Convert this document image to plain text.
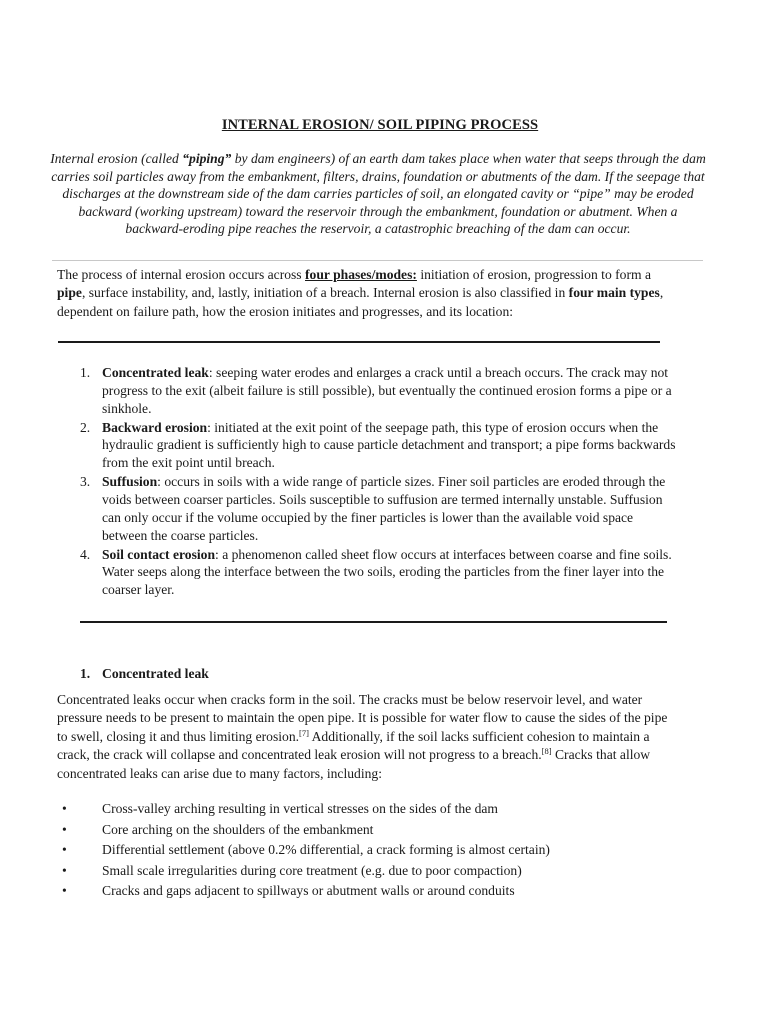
INTERNAL EROSION/ SOIL PIPING PROCESS
Internal erosion (called “piping” by dam engineers) of an earth dam takes place when water that seeps through the dam carries soil particles away from the embankment, filters, drains, foundation or abutments of the dam. If the seepage that discharges at the downstream side of the dam carries particles of soil, an elongated cavity or “pipe” may be eroded backward (working upstream) toward the reservoir through the embankment, foundation or abutment. When a backward-eroding pipe reaches the reservoir, a catastrophic breaching of the dam can occur.
The process of internal erosion occurs across four phases/modes: initiation of erosion, progression to form a pipe, surface instability, and, lastly, initiation of a breach. Internal erosion is also classified in four main types, dependent on failure path, how the erosion initiates and progresses, and its location:
1. Concentrated leak: seeping water erodes and enlarges a crack until a breach occurs. The crack may not progress to the exit (albeit failure is still possible), but eventually the continued erosion forms a pipe or a sinkhole.
2. Backward erosion: initiated at the exit point of the seepage path, this type of erosion occurs when the hydraulic gradient is sufficiently high to cause particle detachment and transport; a pipe forms backwards from the exit point until breach.
3. Suffusion: occurs in soils with a wide range of particle sizes. Finer soil particles are eroded through the voids between coarser particles. Soils susceptible to suffusion are termed internally unstable. Suffusion can only occur if the volume occupied by the finer particles is lower than the available void space between the coarse particles.
4. Soil contact erosion: a phenomenon called sheet flow occurs at interfaces between coarse and fine soils. Water seeps along the interface between the two soils, eroding the particles from the finer layer into the coarser layer.
1. Concentrated leak
Concentrated leaks occur when cracks form in the soil. The cracks must be below reservoir level, and water pressure needs to be present to maintain the open pipe. It is possible for water flow to cause the sides of the pipe to swell, closing it and thus limiting erosion.[7] Additionally, if the soil lacks sufficient cohesion to maintain a crack, the crack will collapse and concentrated leak erosion will not progress to a breach.[8] Cracks that allow concentrated leaks can arise due to many factors, including:
•	Cross-valley arching resulting in vertical stresses on the sides of the dam
•	Core arching on the shoulders of the embankment
•	Differential settlement (above 0.2% differential, a crack forming is almost certain)
•	Small scale irregularities during core treatment (e.g. due to poor compaction)
•	Cracks and gaps adjacent to spillways or abutment walls or around conduits
